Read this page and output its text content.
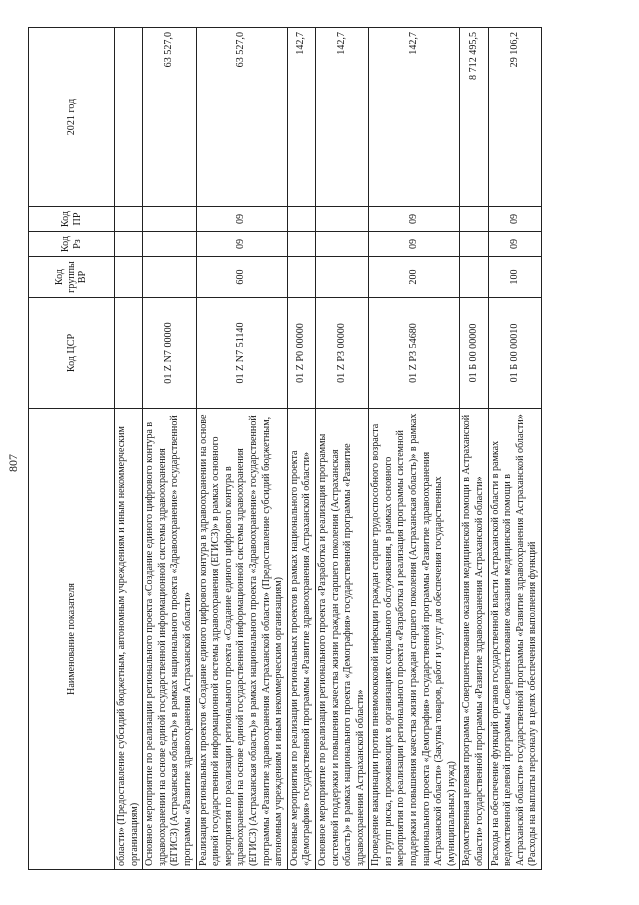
807
Наименование показателя	Код ЦСР	Код группы ВР	Код Рз	Код ПР	2021 год
области» (Предоставление субсидий бюджетным, автономным учреждениям и иным некоммерческим организациям)					
Основное мероприятие по реализации регионального проекта «Создание единого цифрового контура в здравоохранении на основе единой государственной информационной системы здравоохранения (ЕГИСЗ) (Астраханская область)» в рамках национального проекта «Здравоохранение» государственной программы «Развитие здравоохранения Астраханской области»	01 Z N7 00000				63 527,0
Реализация региональных проектов «Создание единого цифрового контура в здравоохранении на основе единой государственной информационной системы здравоохранения (ЕГИСЗ)» в рамках основного мероприятия по реализации регионального проекта «Создание единого цифрового контура в здравоохранении на основе единой государственной информационной системы здравоохранения (ЕГИСЗ) (Астраханская область)» в рамках национального проекта «Здравоохранение» государственной программы «Развитие здравоохранения Астраханской области» (Предоставление субсидий бюджетным, автономным учреждениям и иным некоммерческим организациям)	01 Z N7 51140	600	09	09	63 527,0
Основные мероприятия по реализации региональных проектов в рамках национального проекта «Демография» государственной программы «Развитие здравоохранения Астраханской области»	01 Z P0 00000				142,7
Основное мероприятие по реализации регионального проекта «Разработка и реализация программы системной поддержки и повышения качества жизни граждан старшего поколения (Астраханская область)» в рамках национального проекта «Демография» государственной программы «Развитие здравоохранения Астраханской области»	01 Z P3 00000				142,7
Проведение вакцинации против пневмококковой инфекции граждан старше трудоспособного возраста из групп риска, проживающих в организациях социального обслуживания, в рамках основного мероприятия по реализации регионального проекта «Разработка и реализация программы системной поддержки и повышения качества жизни граждан старшего поколения (Астраханская область)» в рамках национального проекта «Демография» государственной программы «Развитие здравоохранения Астраханской области» (Закупка товаров, работ и услуг для обеспечения государственных (муниципальных) нужд)	01 Z P3 54680	200	09	09	142,7
Ведомственная целевая программа «Совершенствование оказания медицинской помощи в Астраханской области» государственной программы «Развитие здравоохранения Астраханской области»	01 Б 00 00000				8 712 495,5
Расходы на обеспечение функций органов государственной власти Астраханской области в рамках ведомственной целевой программы «Совершенствование оказания медицинской помощи в Астраханской области» государственной программы «Развитие здравоохранения Астраханской области» (Расходы на выплаты персоналу в целях обеспечения выполнения функций	01 Б 00 00010	100	09	09	29 106,2
